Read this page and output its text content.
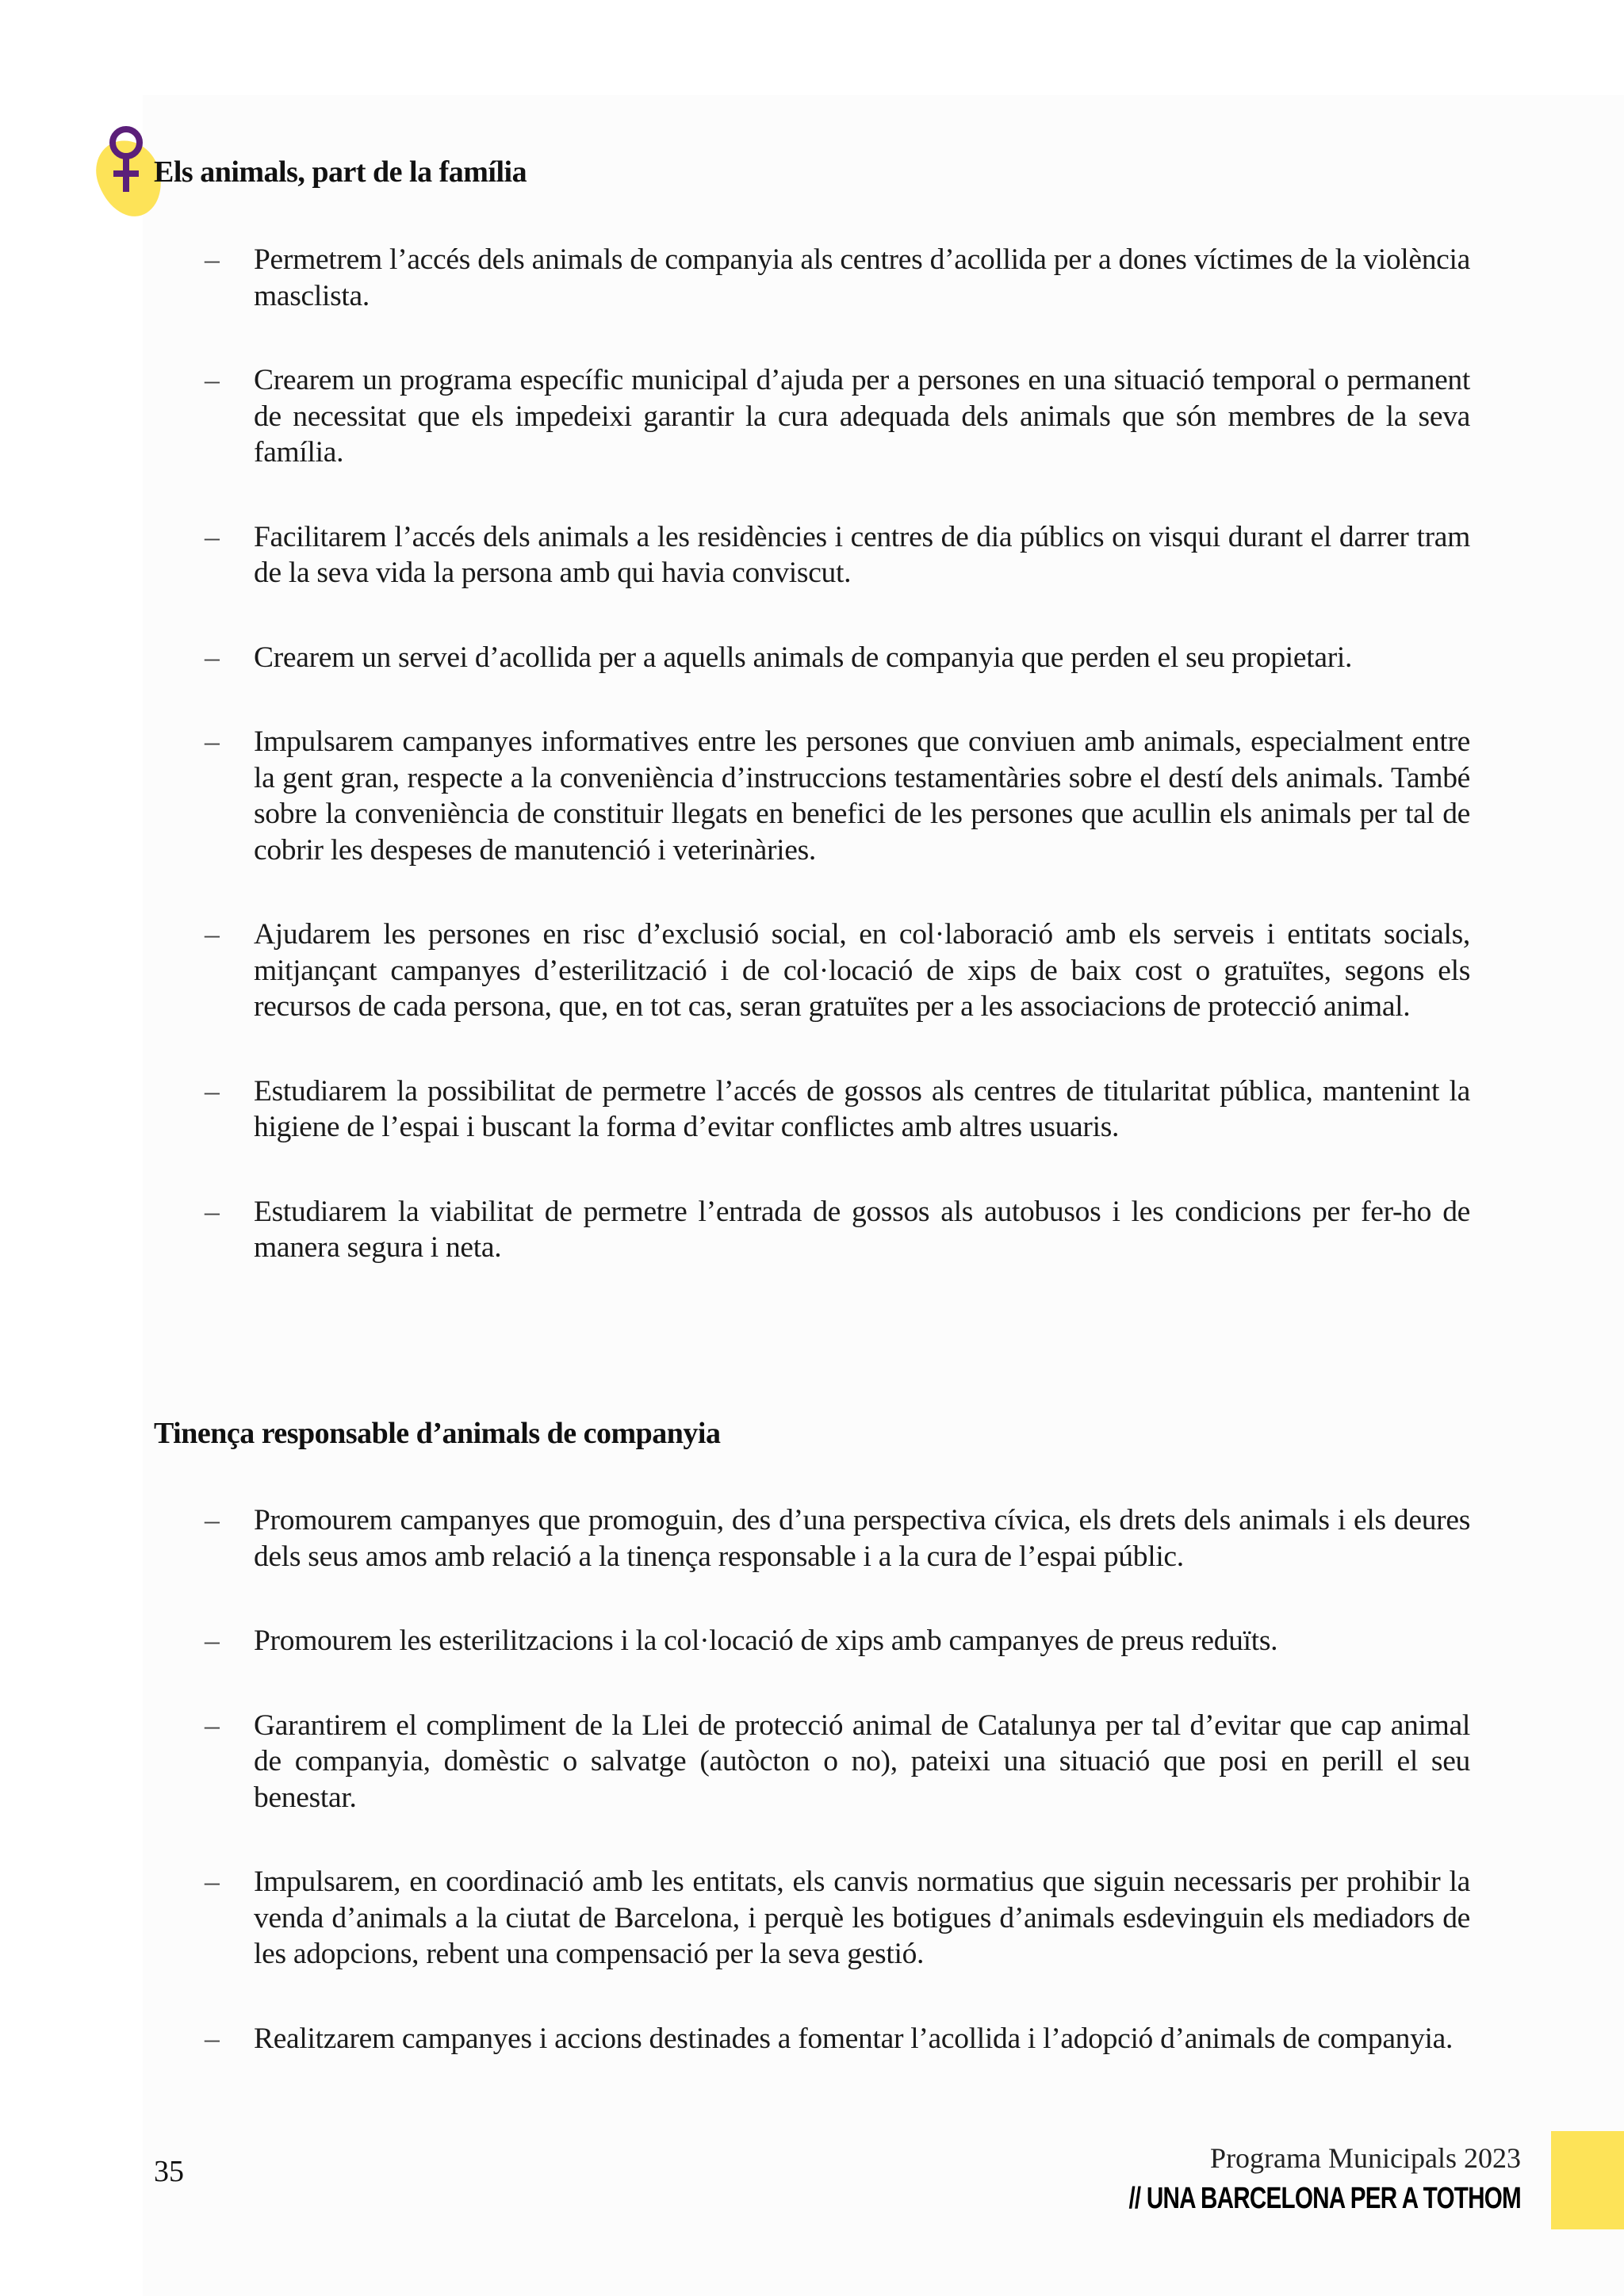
Els animals, part de la família
–	Permetrem l’accés dels animals de companyia als centres d’acollida per a dones víctimes de la violència masclista.
–	Crearem un programa específic municipal d’ajuda per a persones en una situació temporal o permanent de necessitat que els impedeixi garantir la cura adequada dels animals que són membres de la seva família.
–	Facilitarem l’accés dels animals a les residències i centres de dia públics on visqui durant el darrer tram de la seva vida la persona amb qui havia conviscut.
–	Crearem un servei d’acollida per a aquells animals de companyia que perden el seu propietari.
–	Impulsarem campanyes informatives entre les persones que conviuen amb animals, especialment entre la gent gran, respecte a la conveniència d’instruccions testamentàries sobre el destí dels animals. També sobre la conveniència de constituir llegats en benefici de les persones que acullin els animals per tal de cobrir les despeses de manutenció i veterinàries.
–	Ajudarem les persones en risc d’exclusió social, en col·laboració amb els serveis i entitats socials, mitjançant campanyes d’esterilització i de col·locació de xips de baix cost o gratuïtes, segons els recursos de cada persona, que, en tot cas, seran gratuïtes per a les associacions de protecció animal.
–	Estudiarem la possibilitat de permetre l’accés de gossos als centres de titularitat pública, mantenint la higiene de l’espai i buscant la forma d’evitar conflictes amb altres usuaris.
–	Estudiarem la viabilitat de permetre l’entrada de gossos als autobusos i les condicions per fer-ho de manera segura i neta.
Tinença responsable d’animals de companyia
–	Promourem campanyes que promoguin, des d’una perspectiva cívica, els drets dels animals i els deures dels seus amos amb relació a la tinença responsable i a la cura de l’espai públic.
–	Promourem les esterilitzacions i la col·locació de xips amb campanyes de preus reduïts.
–	Garantirem el compliment de la Llei de protecció animal de Catalunya per tal d’evitar que cap animal de companyia, domèstic o salvatge (autòcton o no), pateixi una situació que posi en perill el seu benestar.
–	Impulsarem, en coordinació amb les entitats, els canvis normatius que siguin necessaris per prohibir la venda d’animals a la ciutat de Barcelona, i perquè les botigues d’animals esdevinguin els mediadors de les adopcions, rebent una compensació per la seva gestió.
–	Realitzarem campanyes i accions destinades a fomentar l’acollida i l’adopció d’animals de companyia.
35	Programa Municipals 2023
// UNA BARCELONA PER A TOTHOM
